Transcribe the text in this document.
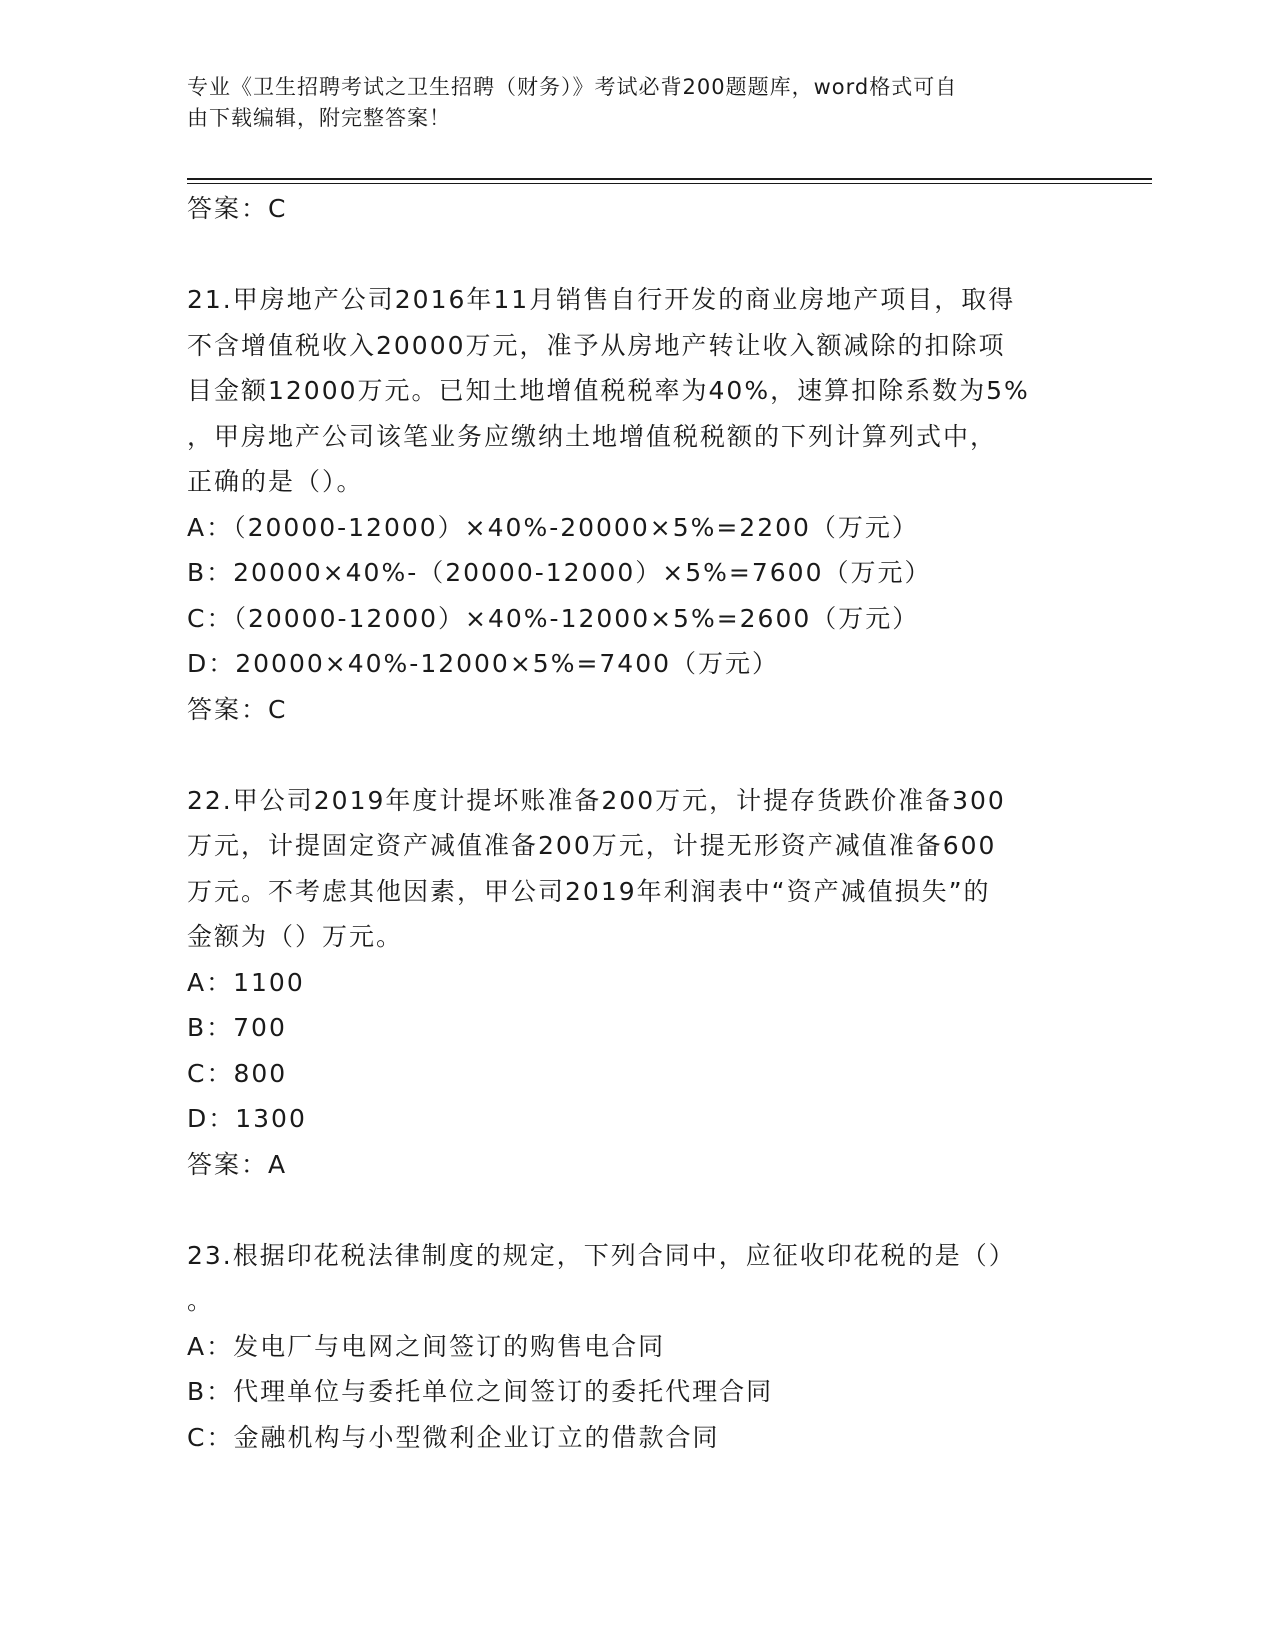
专业《卫生招聘考试之卫生招聘（财务）》考试必背200题题库，word格式可自
由下载编辑，附完整答案！
答案：C
21.甲房地产公司2016年11月销售自行开发的商业房地产项目，取得
不含增值税收入20000万元，准予从房地产转让收入额减除的扣除项
目金额12000万元。已知土地增值税税率为40%，速算扣除系数为5%
，甲房地产公司该笔业务应缴纳土地增值税税额的下列计算列式中，
正确的是（）。
A：（20000-12000）×40%-20000×5%=2200（万元）
B：20000×40%-（20000-12000）×5%=7600（万元）
C：（20000-12000）×40%-12000×5%=2600（万元）
D：20000×40%-12000×5%=7400（万元）
答案：C
22.甲公司2019年度计提坏账准备200万元，计提存货跌价准备300
万元，计提固定资产减值准备200万元，计提无形资产减值准备600
万元。不考虑其他因素，甲公司2019年利润表中“资产减值损失”的
金额为（）万元。
A：1100
B：700
C：800
D：1300
答案：A
23.根据印花税法律制度的规定，下列合同中，应征收印花税的是（）
。
A：发电厂与电网之间签订的购售电合同
B：代理单位与委托单位之间签订的委托代理合同
C：金融机构与小型微利企业订立的借款合同
